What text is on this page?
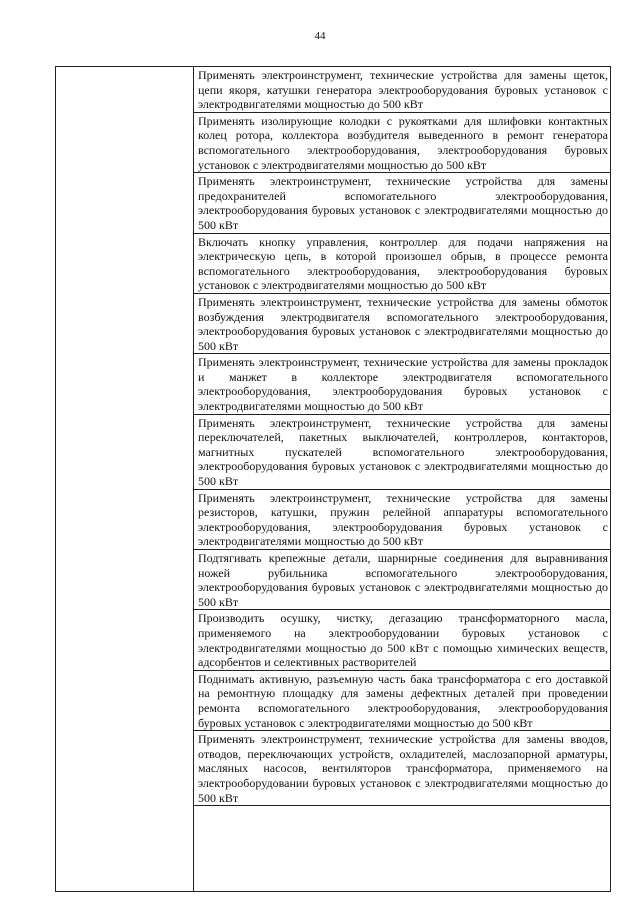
44

Применять электроинструмент, технические устройства для замены щеток, цепи якоря, катушки генератора электрооборудования буровых установок с электродвигателями мощностью до 500 кВт

Применять изолирующие колодки с рукоятками для шлифовки контактных колец ротора, коллектора возбудителя выведенного в ремонт генератора вспомогательного электрооборудования, электрооборудования буровых установок с электродвигателями мощностью до 500 кВт

Применять электроинструмент, технические устройства для замены предохранителей вспомогательного электрооборудования, электрооборудования буровых установок с электродвигателями мощностью до 500 кВт

Включать кнопку управления, контроллер для подачи напряжения на электрическую цепь, в которой произошел обрыв, в процессе ремонта вспомогательного электрооборудования, электрооборудования буровых установок с электродвигателями мощностью до 500 кВт

Применять электроинструмент, технические устройства для замены обмоток возбуждения электродвигателя вспомогательного электрооборудования, электрооборудования буровых установок с электродвигателями мощностью до 500 кВт

Применять электроинструмент, технические устройства для замены прокладок и манжет в коллекторе электродвигателя вспомогательного электрооборудования, электрооборудования буровых установок с электродвигателями мощностью до 500 кВт

Применять электроинструмент, технические устройства для замены переключателей, пакетных выключателей, контроллеров, контакторов, магнитных пускателей вспомогательного электрооборудования, электрооборудования буровых установок с электродвигателями мощностью до 500 кВт

Применять электроинструмент, технические устройства для замены резисторов, катушки, пружин релейной аппаратуры вспомогательного электрооборудования, электрооборудования буровых установок с электродвигателями мощностью до 500 кВт

Подтягивать крепежные детали, шарнирные соединения для выравнивания ножей рубильника вспомогательного электрооборудования, электрооборудования буровых установок с электродвигателями мощностью до 500 кВт

Производить осушку, чистку, дегазацию трансформаторного масла, применяемого на электрооборудовании буровых установок с электродвигателями мощностью до 500 кВт с помощью химических веществ, адсорбентов и селективных растворителей

Поднимать активную, разъемную часть бака трансформатора с его доставкой на ремонтную площадку для замены дефектных деталей при проведении ремонта вспомогательного электрооборудования, электрооборудования буровых установок с электродвигателями мощностью до 500 кВт

Применять электроинструмент, технические устройства для замены вводов, отводов, переключающих устройств, охладителей, маслозапорной арматуры, масляных насосов, вентиляторов трансформатора, применяемого на электрооборудовании буровых установок с электродвигателями мощностью до 500 кВт
